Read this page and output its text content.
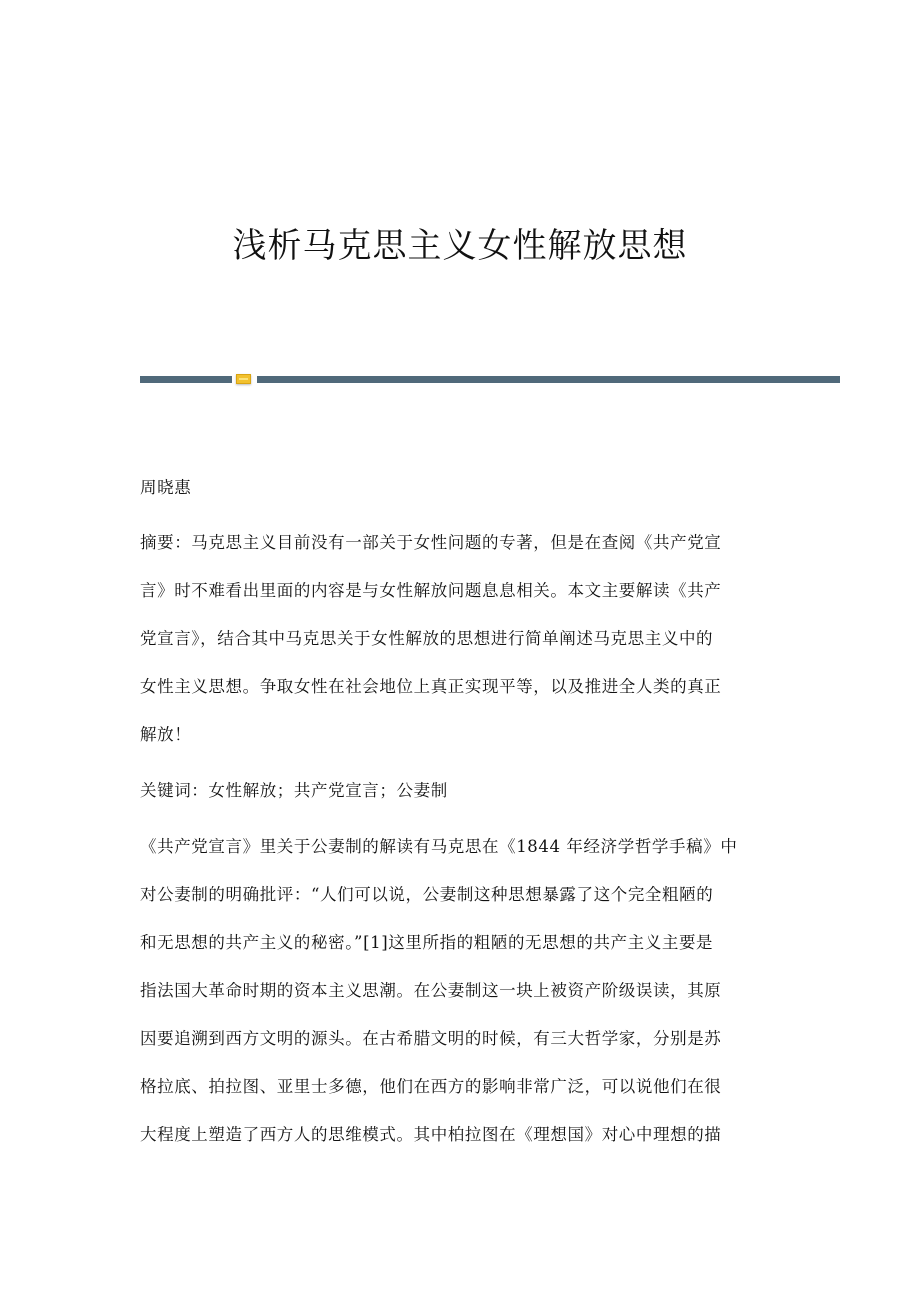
浅析马克思主义女性解放思想
周晓惠
摘要：马克思主义目前没有一部关于女性问题的专著，但是在查阅《共产党宣
言》时不难看出里面的内容是与女性解放问题息息相关。本文主要解读《共产
党宣言》，结合其中马克思关于女性解放的思想进行简单阐述马克思主义中的
女性主义思想。争取女性在社会地位上真正实现平等，以及推进全人类的真正
解放！
关键词：女性解放；共产党宣言；公妻制
《共产党宣言》里关于公妻制的解读有马克思在《1844 年经济学哲学手稿》中
对公妻制的明确批评：“人们可以说，公妻制这种思想暴露了这个完全粗陋的
和无思想的共产主义的秘密。”[1]这里所指的粗陋的无思想的共产主义主要是
指法国大革命时期的资本主义思潮。在公妻制这一块上被资产阶级误读，其原
因要追溯到西方文明的源头。在古希腊文明的时候，有三大哲学家，分别是苏
格拉底、拍拉图、亚里士多德，他们在西方的影响非常广泛，可以说他们在很
大程度上塑造了西方人的思维模式。其中柏拉图在《理想国》对心中理想的描
